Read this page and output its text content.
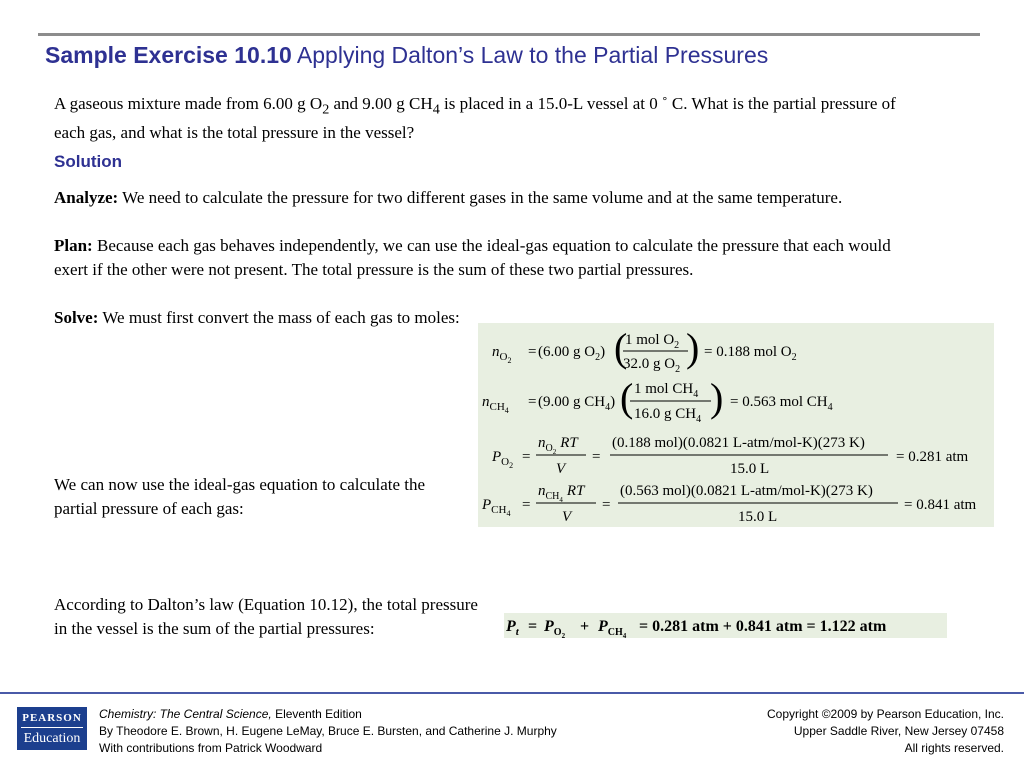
Sample Exercise 10.10 Applying Dalton’s Law to the Partial Pressures
A gaseous mixture made from 6.00 g $O_2$ and 9.00 g $CH_4$ is placed in a 15.0-L vessel at 0 ˚ C. What is the partial pressure of each gas, and what is the total pressure in the vessel?
Solution
Analyze: We need to calculate the pressure for two different gases in the same volume and at the same temperature.
Plan: Because each gas behaves independently, we can use the ideal-gas equation to calculate the pressure that each would exert if the other were not present. The total pressure is the sum of these two partial pressures.
Solve: We must first convert the mass of each gas to moles:
We can now use the ideal-gas equation to calculate the partial pressure of each gas:
According to Dalton’s law (Equation 10.12), the total pressure in the vessel is the sum of the partial pressures:
$n_{O2}$
= (6.00 g $O_2$) (
1 mol $O_2$
32.0 g $O_2$ ) = 0.188 mol $O_2$
$n_{CH4}$
= (9.00 g $CH_4$) ( 1 mol $CH_4$
16.0 g $CH_4$ ) = 0.563 mol $CH_4$
$P_{O2}$
=
$n_{O2}RT$
V
=
(0.188 mol)(0.0821 L-atm/mol-K)(273 K)
15.0 L
= 0.281 atm
$P_{CH4}$
=
$n_{CH4}RT$
V
=
(0.563 mol)(0.0821 L-atm/mol-K)(273 K)
15.0 L
= 0.841 atm
$P_t = P_O2$
+ $P_{CH}4$
= 0.281 atm + 0.841 atm = 1.122 atm
PEARSON
Education
Chemistry: The Central Science, Eleventh Edition
By Theodore E. Brown, H. Eugene LeMay, Bruce E. Bursten, and Catherine J. Murphy
With contributions from Patrick Woodward
Copyright ©2009 by Pearson Education, Inc.
Upper Saddle River, New Jersey 07458
All rights reserved.
